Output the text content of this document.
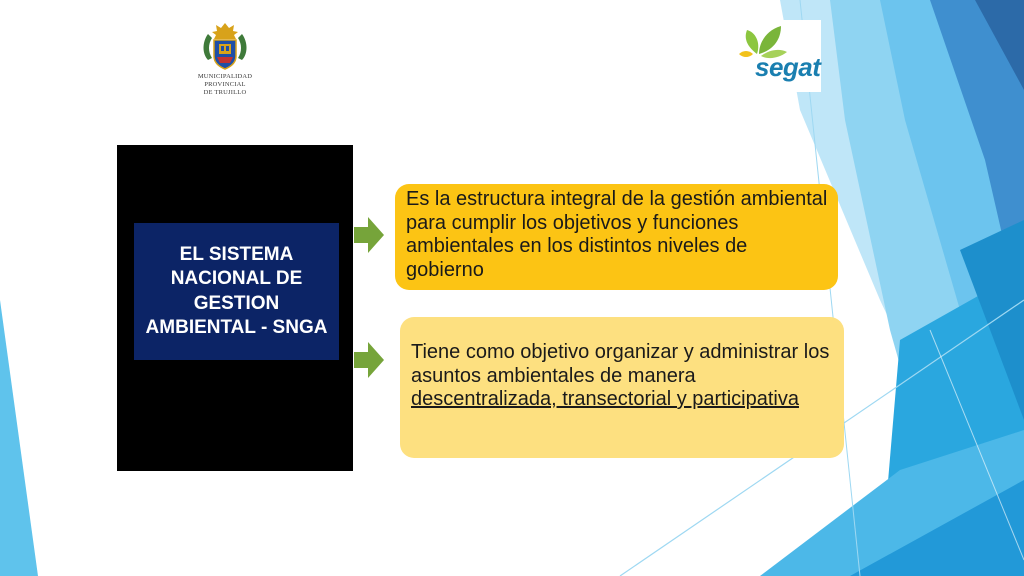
MUNICIPALIDAD
PROVINCIAL
DE TRUJILLO
segat
EL SISTEMA NACIONAL DE GESTION AMBIENTAL - SNGA
Es la estructura integral de la gestión ambiental para cumplir los objetivos y funciones ambientales en los distintos niveles de gobierno
Tiene como objetivo organizar y administrar los asuntos ambientales de manera descentralizada, transectorial y participativa
